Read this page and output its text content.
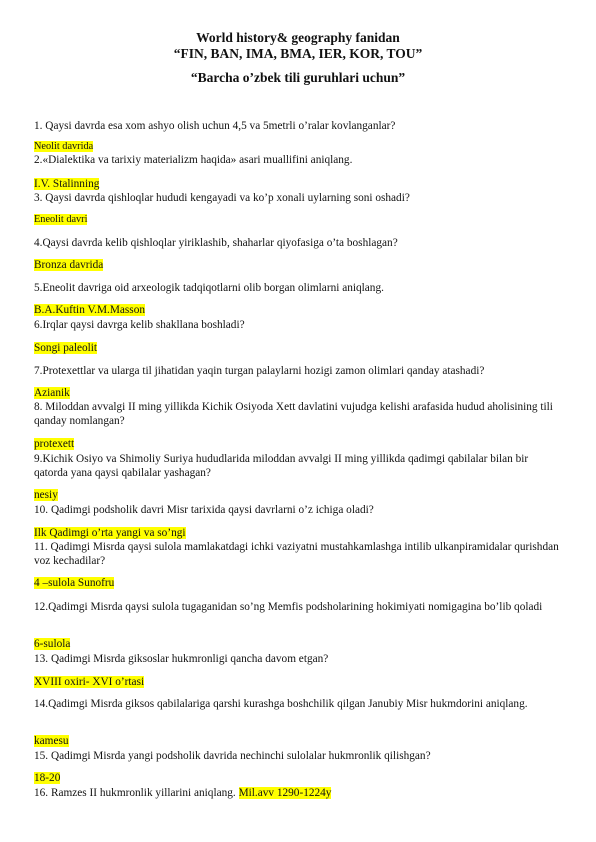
World history& geography fanidan
“FIN, BAN, IMA, BMA, IER, KOR, TOU”
“Barcha o’zbek tili guruhlari uchun”
1. Qaysi davrda esa xom ashyo olish uchun 4,5 va 5metrli o’ralar kovlanganlar?
Neolit davrida
2.«Dialektika va tarixiy materializm haqida» asari muallifini aniqlang.
I.V. Stalinning
3. Qaysi davrda qishloqlar hududi kengayadi va ko’p xonali uylarning soni oshadi?
Eneolit davri
4.Qaysi davrda kelib qishloqlar yiriklashib, shaharlar qiyofasiga o’ta boshlagan?
Bronza davrida
5.Eneolit davriga oid arxeologik tadqiqotlarni olib borgan olimlarni aniqlang.
B.A.Kuftin V.M.Masson
6.Irqlar qaysi davrga kelib shakllana boshladi?
Songi paleolit
7.Protexettlar va ularga til jihatidan yaqin turgan palaylarni hozigi zamon olimlari qanday atashadi?
Azianik
8. Miloddan avvalgi II ming yillikda Kichik Osiyoda Xett davlatini vujudga kelishi arafasida hudud aholisining tili qanday nomlangan?
protexett
9.Kichik Osiyo va Shimoliy Suriya hududlarida miloddan avvalgi II ming yillikda qadimgi qabilalar bilan bir qatorda yana qaysi qabilalar yashagan?
nesiy
10. Qadimgi podsholik davri Misr tarixida qaysi davrlarni o’z ichiga oladi?
Ilk Qadimgi o’rta yangi va so’ngi
11. Qadimgi Misrda qaysi sulola mamlakatdagi ichki vaziyatni mustahkamlashga intilib ulkanpiramidalar qurishdan voz kechadilar?
4 –sulola Sunofru
12.Qadimgi Misrda qaysi sulola tugaganidan so’ng Memfis podsholarining hokimiyati nomigagina bo’lib qoladi
6-sulola
13. Qadimgi Misrda giksoslar hukmronligi qancha davom etgan?
XVIII oxiri- XVI o’rtasi
14.Qadimgi Misrda giksos qabilalariga qarshi kurashga boshchilik qilgan Janubiy Misr hukmdorini aniqlang.
kamesu
15. Qadimgi Misrda yangi podsholik davrida nechinchi sulolalar hukmronlik qilishgan?
18-20
16. Ramzes II hukmronlik yillarini aniqlang. Mil.avv 1290-1224y
